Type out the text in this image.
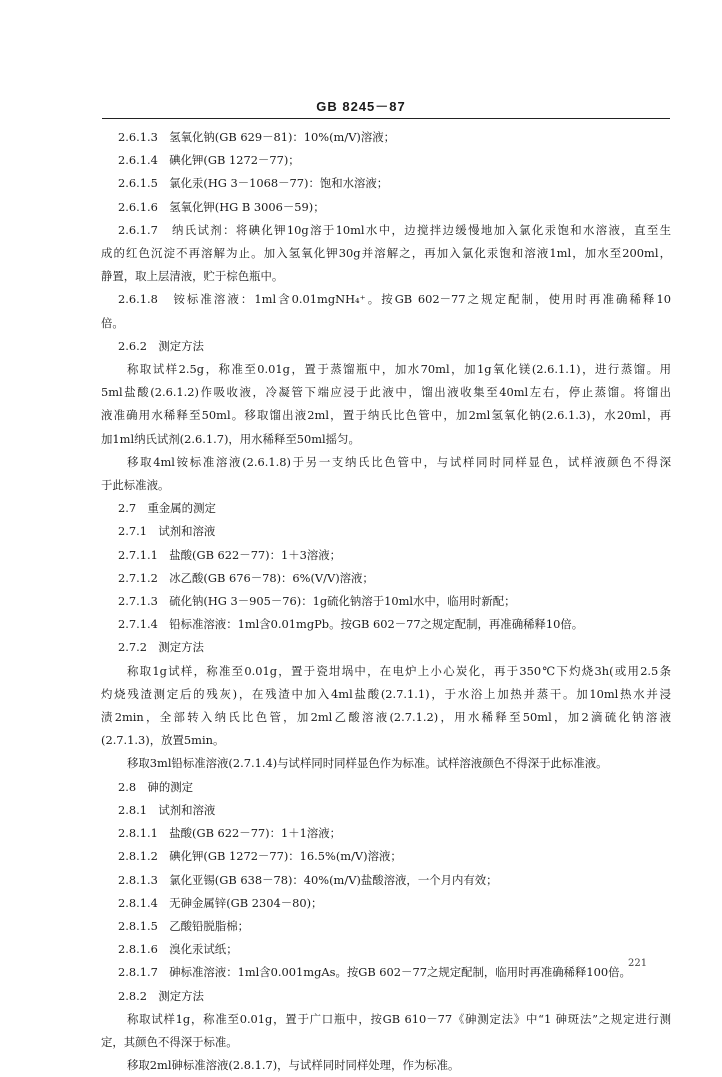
GB 8245－87

2.6.1.3　氢氧化钠(GB 629－81)：10%(m/V)溶液；

2.6.1.4　碘化钾(GB 1272－77)；

2.6.1.5　氯化汞(HG 3－1068－77)：饱和水溶液；

2.6.1.6　氢氧化钾(HG B 3006－59)；

2.6.1.7　纳氏试剂：将碘化钾10g溶于10ml水中，边搅拌边缓慢地加入氯化汞饱和水溶液，直至生

成的红色沉淀不再溶解为止。加入氢氧化钾30g并溶解之，再加入氯化汞饱和溶液1ml，加水至200ml，

静置，取上层清液，贮于棕色瓶中。

2.6.1.8　铵标准溶液：1ml含0.01mgNH₄⁺。按GB 602－77之规定配制，使用时再准确稀释10

倍。

2.6.2　测定方法

称取试样2.5g，称准至0.01g，置于蒸馏瓶中，加水70ml，加1g氧化镁(2.6.1.1)，进行蒸馏。用

5ml盐酸(2.6.1.2)作吸收液，冷凝管下端应浸于此液中，馏出液收集至40ml左右，停止蒸馏。将馏出

液准确用水稀释至50ml。移取馏出液2ml，置于纳氏比色管中，加2ml氢氧化钠(2.6.1.3)，水20ml，再

加1ml纳氏试剂(2.6.1.7)，用水稀释至50ml摇匀。

移取4ml铵标准溶液(2.6.1.8)于另一支纳氏比色管中，与试样同时同样显色，试样液颜色不得深

于此标准液。

2.7　重金属的测定

2.7.1　试剂和溶液

2.7.1.1　盐酸(GB 622－77)：1＋3溶液；

2.7.1.2　冰乙酸(GB 676－78)：6%(V/V)溶液；

2.7.1.3　硫化钠(HG 3－905－76)：1g硫化钠溶于10ml水中，临用时新配；

2.7.1.4　铅标准溶液：1ml含0.01mgPb。按GB 602－77之规定配制，再准确稀释10倍。

2.7.2　测定方法

称取1g试样，称准至0.01g，置于瓷坩埚中，在电炉上小心炭化，再于350℃下灼烧3h(或用2.5条

灼烧残渣测定后的残灰)，在残渣中加入4ml盐酸(2.7.1.1)，于水浴上加热并蒸干。加10ml热水并浸

渍2min，全部转入纳氏比色管，加2ml乙酸溶液(2.7.1.2)，用水稀释至50ml，加2滴硫化钠溶液

(2.7.1.3)，放置5min。

移取3ml铅标准溶液(2.7.1.4)与试样同时同样显色作为标准。试样溶液颜色不得深于此标准液。

2.8　砷的测定

2.8.1　试剂和溶液

2.8.1.1　盐酸(GB 622－77)：1＋1溶液；

2.8.1.2　碘化钾(GB 1272－77)：16.5%(m/V)溶液；

2.8.1.3　氯化亚锡(GB 638－78)：40%(m/V)盐酸溶液，一个月内有效；

2.8.1.4　无砷金属锌(GB 2304－80)；

2.8.1.5　乙酸铅脱脂棉；

2.8.1.6　溴化汞试纸；

2.8.1.7　砷标准溶液：1ml含0.001mgAs。按GB 602－77之规定配制，临用时再准确稀释100倍。

2.8.2　测定方法

称取试样1g，称准至0.01g，置于广口瓶中，按GB 610－77《砷测定法》中“1 砷斑法”之规定进行测

定，其颜色不得深于标准。

移取2ml砷标准溶液(2.8.1.7)，与试样同时同样处理，作为标准。

221
